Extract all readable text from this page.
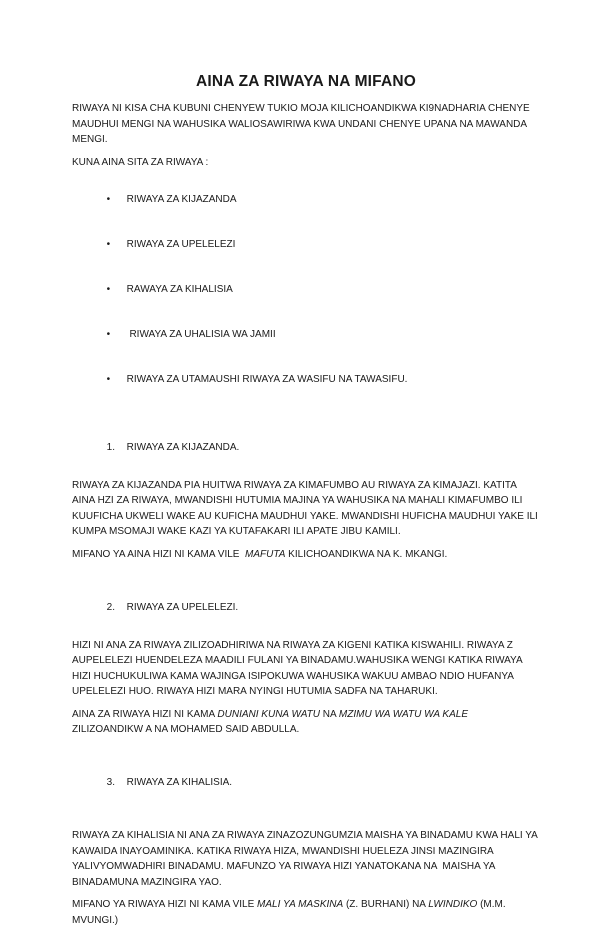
AINA ZA RIWAYA NA MIFANO

RIWAYA NI KISA CHA KUBUNI CHENYEW TUKIO MOJA KILICHOANDIKWA KI9NADHARIA CHENYE MAUDHUI MENGI NA WAHUSIKA WALIOSAWIRIWA KWA UNDANI CHENYE UPANA NA MAWANDA MENGI.

KUNA AINA SITA ZA RIWAYA :

• RIWAYA ZA KIJAZANDA

• RIWAYA ZA UPELELEZI

• RAWAYA ZA KIHALISIA

• RIWAYA ZA UHALISIA WA JAMII

• RIWAYA ZA UTAMAUSHI RIWAYA ZA WASIFU NA TAWASIFU.

1. RIWAYA ZA KIJAZANDA.

RIWAYA ZA KIJAZANDA PIA HUITWA RIWAYA ZA KIMAFUMBO AU RIWAYA ZA KIMAJAZI. KATITA AINA HZI ZA RIWAYA, MWANDISHI HUTUMIA MAJINA YA WAHUSIKA NA MAHALI KIMAFUMBO ILI KUUFICHA UKWELI WAKE AU KUFICHA MAUDHUI YAKE. MWANDISHI HUFICHA MAUDHUI YAKE ILI KUMPA MSOMAJI WAKE KAZI YA KUTAFAKARI ILI APATE JIBU KAMILI.

MIFANO YA AINA HIZI NI KAMA VILE  MAFUTA KILICHOANDIKWA NA K. MKANGI.

2. RIWAYA ZA UPELELEZI.

HIZI NI ANA ZA RIWAYA ZILIZOADHIRIWA NA RIWAYA ZA KIGENI KATIKA KISWAHILI. RIWAYA Z AUPELELEZI HUENDELEZA MAADILI FULANI YA BINADAMU.WAHUSIKA WENGI KATIKA RIWAYA HIZI HUCHUKULIWA KAMA WAJINGA ISIPOKUWA WAHUSIKA WAKUU AMBAO NDIO HUFANYA UPELELEZI HUO. RIWAYA HIZI MARA NYINGI HUTUMIA SADFA NA TAHARUKI.

AINA ZA RIWAYA HIZI NI KAMA DUNIANI KUNA WATU NA MZIMU WA WATU WA KALE ZILIZOANDIKW A NA MOHAMED SAID ABDULLA.

3. RIWAYA ZA KIHALISIA.

RIWAYA ZA KIHALISIA NI ANA ZA RIWAYA ZINAZOZUNGUMZIA MAISHA YA BINADAMU KWA HALI YA KAWAIDA INAYOAMINIKA. KATIKA RIWAYA HIZA, MWANDISHI HUELEZA JINSI MAZINGIRA YALIVYOMWADHIRI BINADAMU. MAFUNZO YA RIWAYA HIZI YANATOKANA NA  MAISHA YA BINADAMUNA MAZINGIRA YAO.

MIFANO YA RIWAYA HIZI NI KAMA VILE MALI YA MASKINA (Z. BURHANI) NA LWINDIKO (M.M. MVUNGI.)
